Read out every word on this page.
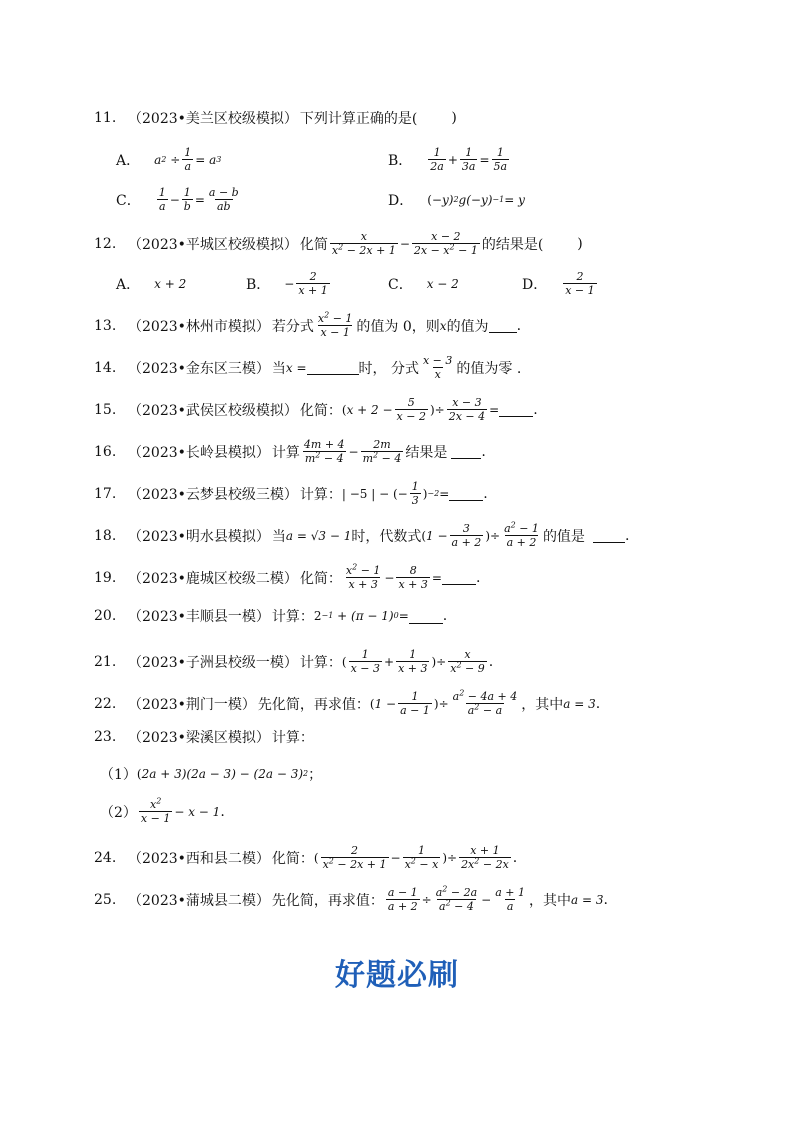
11. （2023•美兰区校级模拟） 下列计算正确的是( )
A． a $2 \div \frac{1}{a} = a$ 3	B． $\frac{1}{2a} + \frac{1}{3a} = \frac{1}{5a}$
C． $\frac{1}{a} - \frac{1}{b} = \frac{a - b}{ab}$	D． ( −y) 2 g(−y) −1 = y
12. （2023•平城区校级模拟） 化简 $\frac{x}{x^2 - 2x + 1} - \frac{x - 2}{2x - x^2 - 1}$ 的结果是( )
A． x + 2	B． − $\frac{2}{x + 1}$	C． x − 2	D． $\frac{2}{x - 1}$
13. （2023•林州市模拟） 若分式 $\frac{x^2 - 1}{x - 1}$ 的值为 0，则 x 的值为 .
14. （2023•金东区三模） 当 x =	时， 分式 $\frac{x - 3}{x}$ 的值为零 .
15. （2023•武侯区校级模拟） 化简： ( $x + 2 - \frac{5}{x - 2}$ ) ÷ $\frac{x - 3}{2x - 4}$ = .
16. （2023•长岭县模拟） 计算 $\frac{4m + 4}{m^2 - 4} - \frac{2m}{m^2 - 4}$ 结果是 .
17. （2023•云梦县校级三模） 计算： | −5 | − (− $\frac{1}{3}$ ) −2 = .
18. （2023•明水县模拟） 当 a = √3 − 1 时，代数式 ( $1 - \frac{3}{a + 2}$ ) ÷ $\frac{a^2 - 1}{a + 2}$ 的值是	.
19. （2023•鹿城区校级二模） 化简： $\frac{x^2 - 1}{x + 3} - \frac{8}{x + 3}$ = .
20. （2023•丰顺县一模） 计算： 2 −1 + (π − 1) 0 = .
21. （2023•子洲县校级一模） 计算： ( $\frac{1}{x - 3} + \frac{1}{x + 3}$ ) ÷ $\frac{x}{x^2 - 9}$ .
22. （2023•荆门一模） 先化简，再求值： ( $1 - \frac{1}{a - 1}$ ) ÷ $\frac{a^2 - 4a + 4}{a^2 - a}$ ，其中 a = 3 .
23. （2023•梁溪区模拟） 计算：
（1） ( 2a + 3)(2a − 3) − (2a − 3) 2 ；
$(2) \frac{x^2}{x - 1} - x - 1$ .
24. （2023•西和县二模） 化简： ( $\frac{2}{x^2 - 2x + 1} - \frac{1}{x^2 - x}$ ) ÷ $\frac{x + 1}{2x^2 - 2x}$ .
25. （2023•蒲城县二模） 先化简，再求值： $\frac{a - 1}{a + 2} \div \frac{a^2 - 2a}{a^2 - 4} - \frac{a + 1}{a}$ ，其中 a = 3 .
好题必刷
